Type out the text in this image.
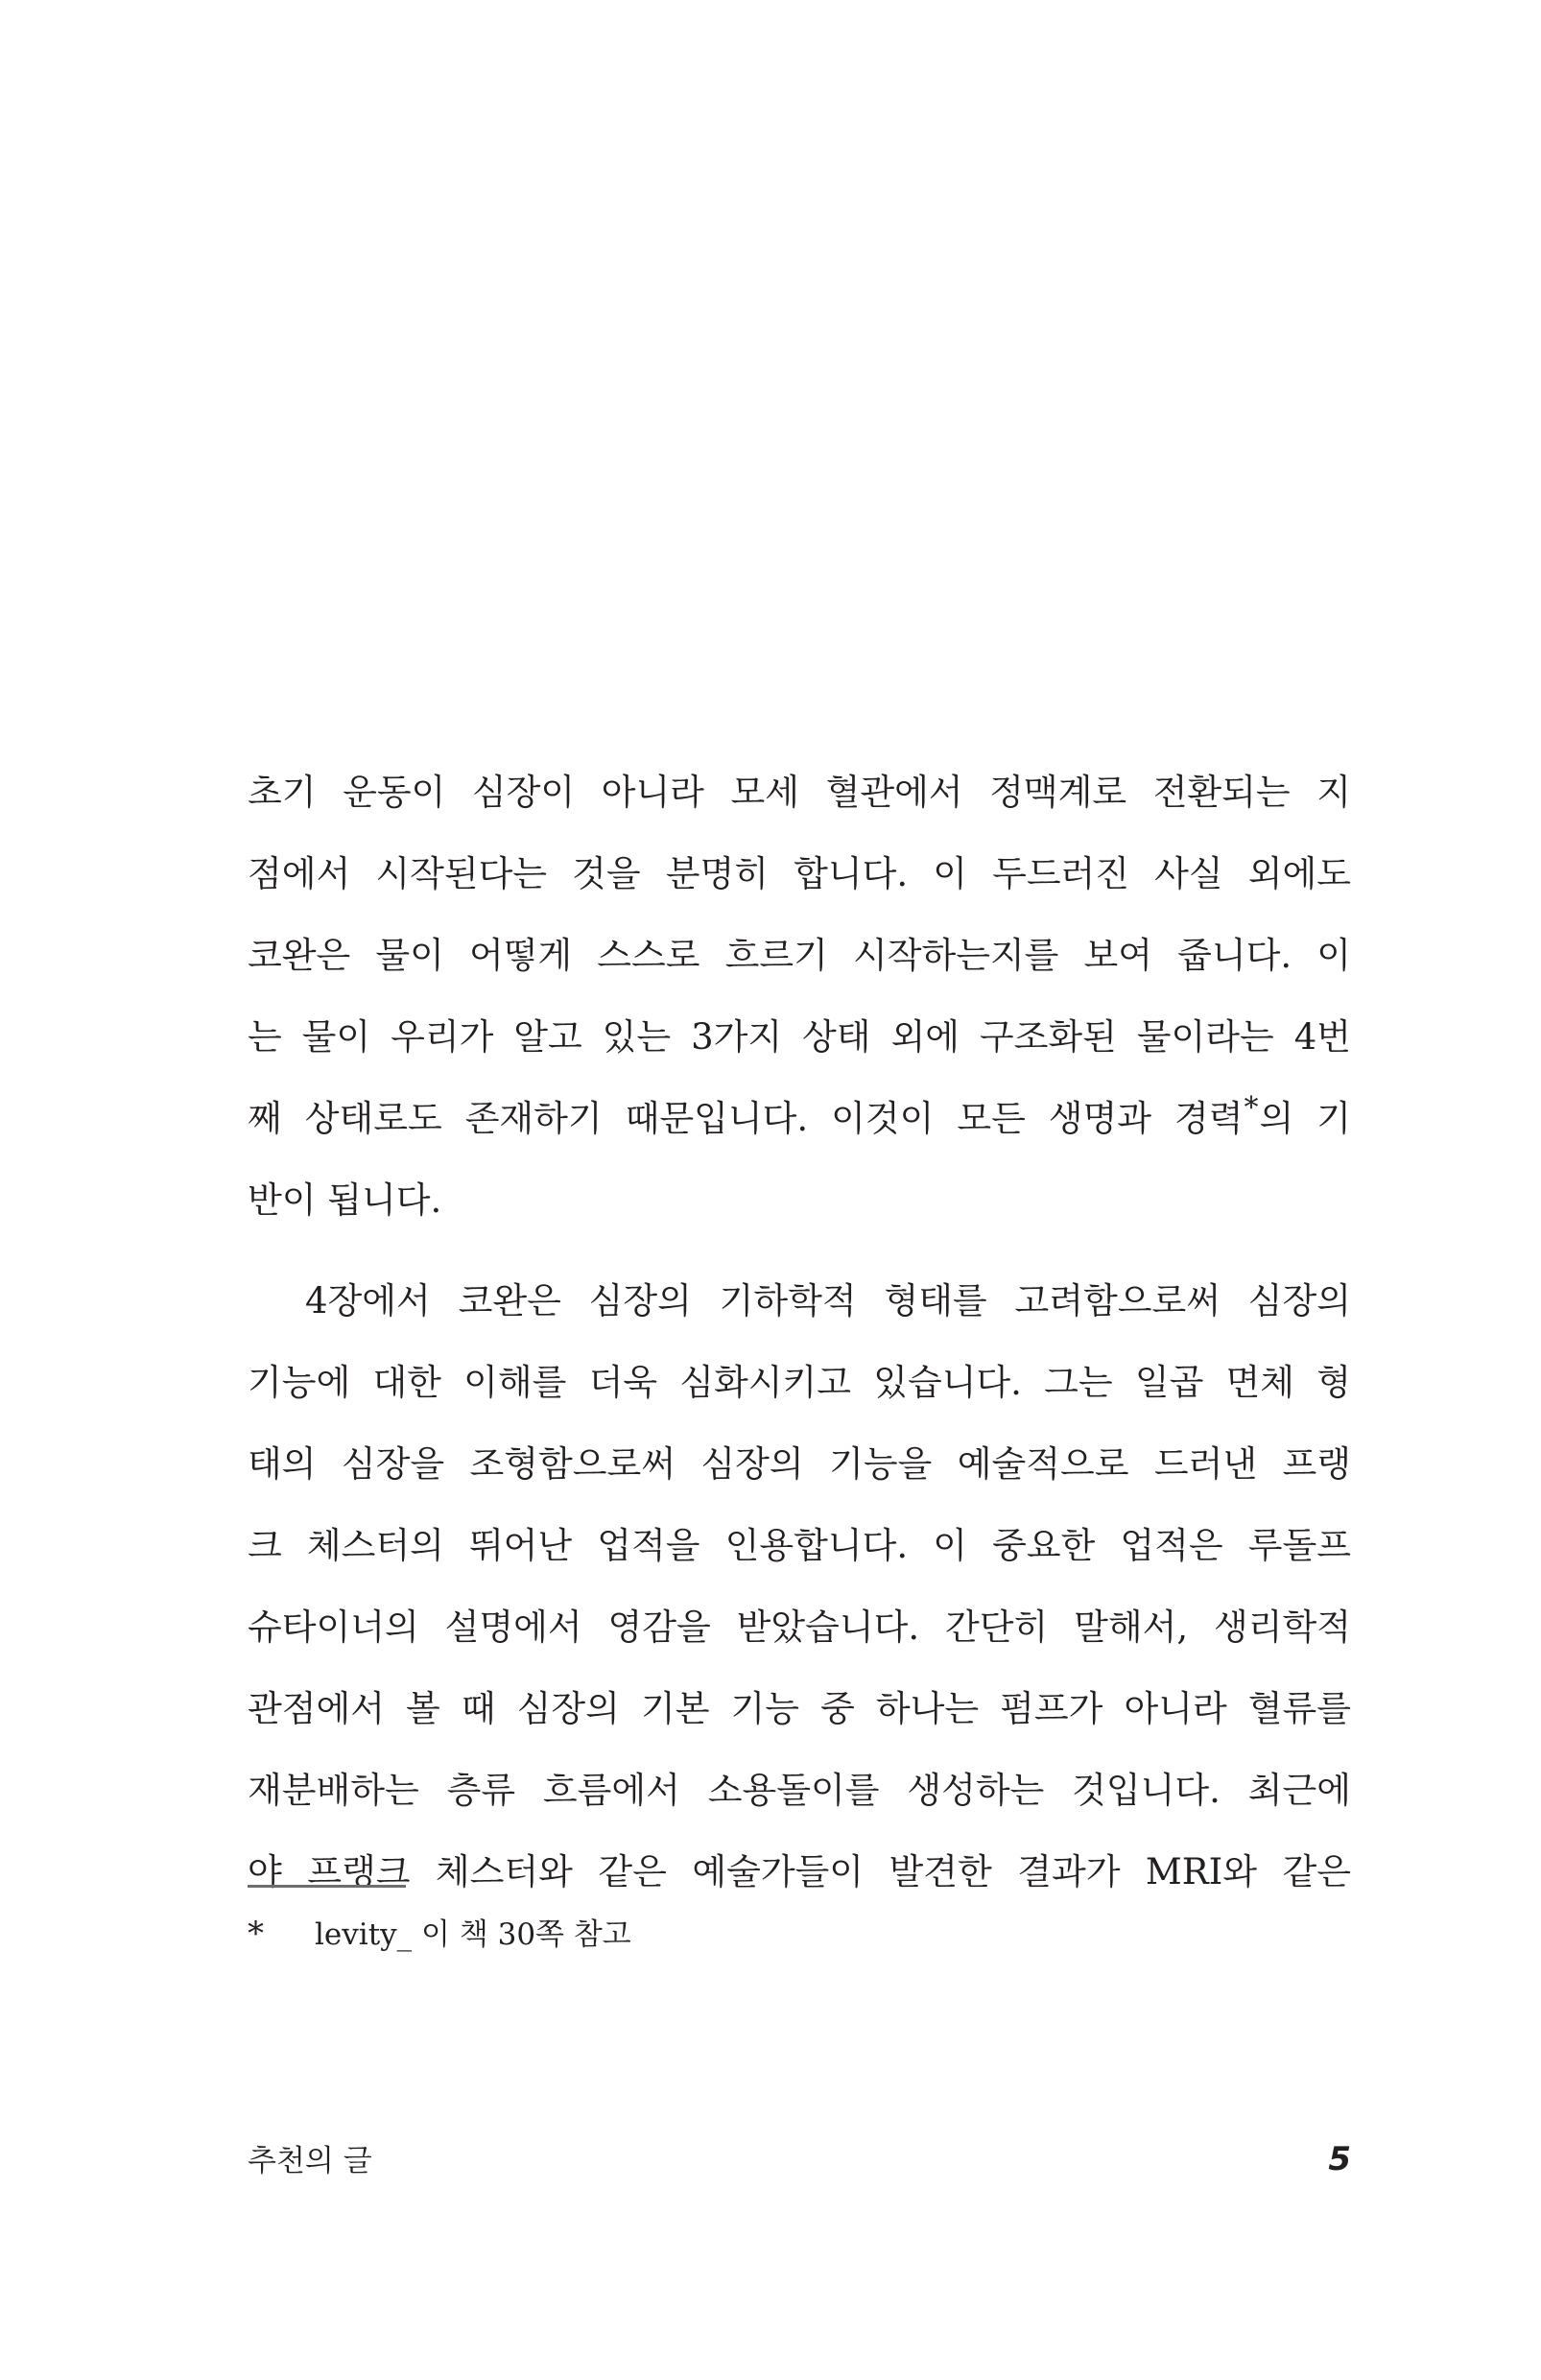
초기 운동이 심장이 아니라 모세 혈관에서 정맥계로 전환되는 지
점에서 시작된다는 것을 분명히 합니다. 이 두드러진 사실 외에도
코완은 물이 어떻게 스스로 흐르기 시작하는지를 보여 줍니다. 이
는 물이 우리가 알고 있는 3가지 상태 외에 구조화된 물이라는 4번
째 상태로도 존재하기 때문입니다. 이것이 모든 생명과 경력*의 기
반이 됩니다.
4장에서 코완은 심장의 기하학적 형태를 고려함으로써 심장의
기능에 대한 이해를 더욱 심화시키고 있습니다. 그는 일곱 면체 형
태의 심장을 조형함으로써 심장의 기능을 예술적으로 드러낸 프랭
크 체스터의 뛰어난 업적을 인용합니다. 이 중요한 업적은 루돌프
슈타이너의 설명에서 영감을 받았습니다. 간단히 말해서, 생리학적
관점에서 볼 때 심장의 기본 기능 중 하나는 펌프가 아니라 혈류를
재분배하는 층류 흐름에서 소용돌이를 생성하는 것입니다. 최근에
야 프랭크 체스터와 같은 예술가들이 발견한 결과가 MRI와 같은
* levity_ 이 책 30쪽 참고
추천의 글	5
